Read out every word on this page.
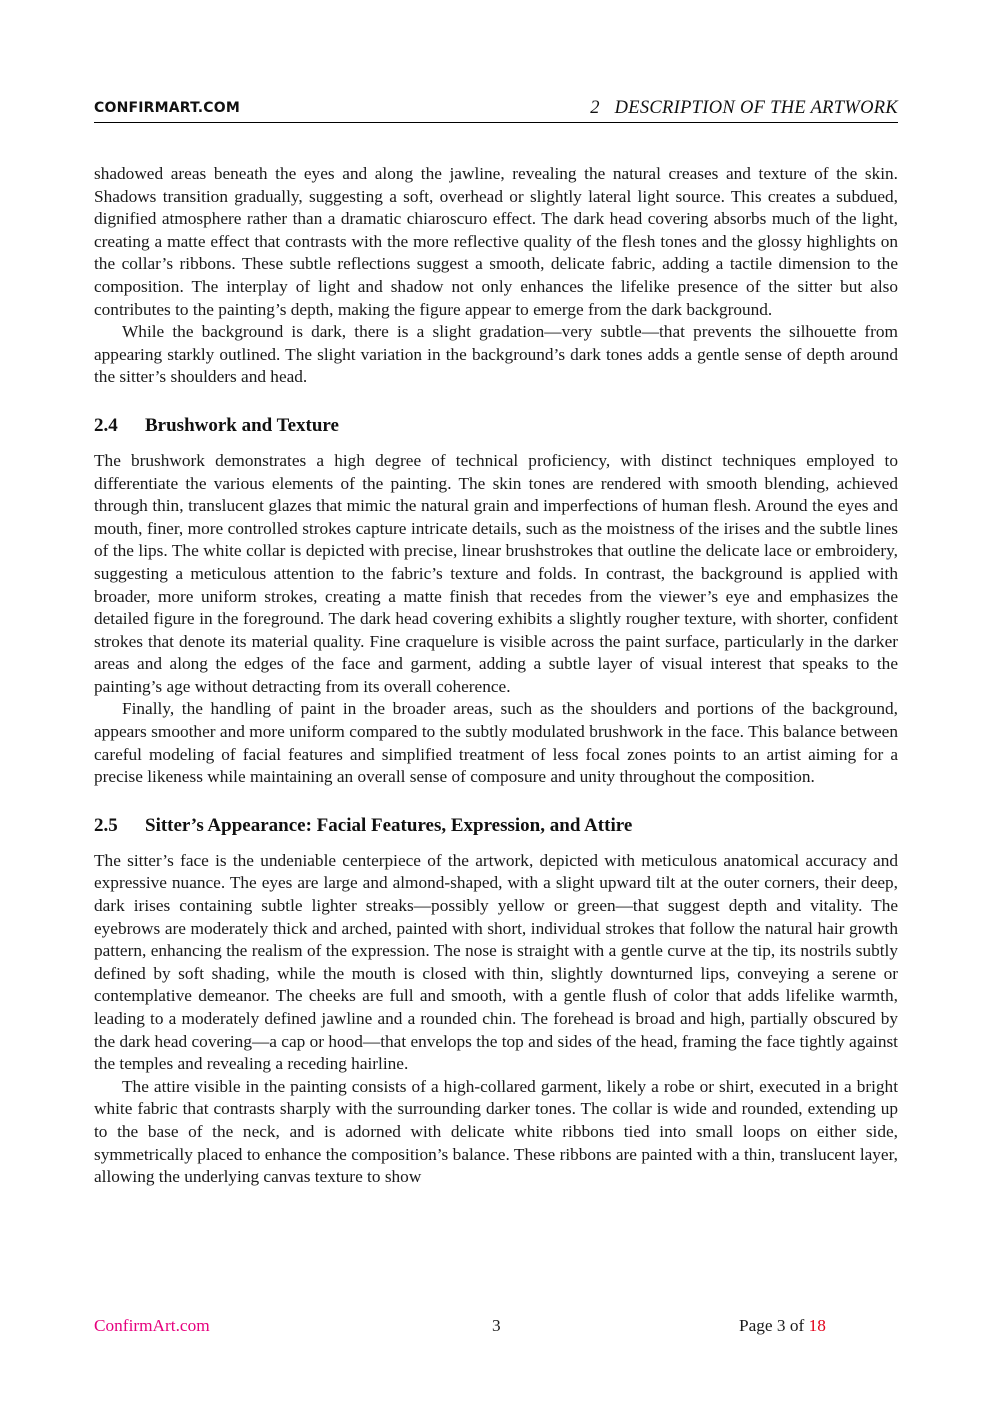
CONFIRMART.COM	2   DESCRIPTION OF THE ARTWORK

shadowed areas beneath the eyes and along the jawline, revealing the natural creases and texture of the skin. Shadows transition gradually, suggesting a soft, overhead or slightly lateral light source. This creates a subdued, dignified atmosphere rather than a dramatic chiaroscuro effect. The dark head covering absorbs much of the light, creating a matte effect that contrasts with the more reflective quality of the flesh tones and the glossy highlights on the collar’s ribbons. These subtle reflections suggest a smooth, delicate fabric, adding a tactile dimension to the composition. The interplay of light and shadow not only enhances the lifelike presence of the sitter but also contributes to the painting’s depth, making the figure appear to emerge from the dark background.

While the background is dark, there is a slight gradation—very subtle—that prevents the silhouette from appearing starkly outlined. The slight variation in the background’s dark tones adds a gentle sense of depth around the sitter’s shoulders and head.

2.4 Brushwork and Texture

The brushwork demonstrates a high degree of technical proficiency, with distinct techniques employed to differentiate the various elements of the painting. The skin tones are rendered with smooth blending, achieved through thin, translucent glazes that mimic the natural grain and imperfections of human flesh. Around the eyes and mouth, finer, more controlled strokes capture intricate details, such as the moistness of the irises and the subtle lines of the lips. The white collar is depicted with precise, linear brushstrokes that outline the delicate lace or embroidery, suggesting a meticulous attention to the fabric’s texture and folds. In contrast, the background is applied with broader, more uniform strokes, creating a matte finish that recedes from the viewer’s eye and emphasizes the detailed figure in the foreground. The dark head covering exhibits a slightly rougher texture, with shorter, confident strokes that denote its material quality. Fine craquelure is visible across the paint surface, particularly in the darker areas and along the edges of the face and garment, adding a subtle layer of visual interest that speaks to the painting’s age without detracting from its overall coherence.

Finally, the handling of paint in the broader areas, such as the shoulders and portions of the background, appears smoother and more uniform compared to the subtly modulated brushwork in the face. This balance between careful modeling of facial features and simplified treatment of less focal zones points to an artist aiming for a precise likeness while maintaining an overall sense of composure and unity throughout the composition.

2.5 Sitter’s Appearance: Facial Features, Expression, and Attire

The sitter’s face is the undeniable centerpiece of the artwork, depicted with meticulous anatomical accuracy and expressive nuance. The eyes are large and almond-shaped, with a slight upward tilt at the outer corners, their deep, dark irises containing subtle lighter streaks—possibly yellow or green—that suggest depth and vitality. The eyebrows are moderately thick and arched, painted with short, individual strokes that follow the natural hair growth pattern, enhancing the realism of the expression. The nose is straight with a gentle curve at the tip, its nostrils subtly defined by soft shading, while the mouth is closed with thin, slightly downturned lips, conveying a serene or contemplative demeanor. The cheeks are full and smooth, with a gentle flush of color that adds lifelike warmth, leading to a moderately defined jawline and a rounded chin. The forehead is broad and high, partially obscured by the dark head covering—a cap or hood—that envelops the top and sides of the head, framing the face tightly against the temples and revealing a receding hairline.

The attire visible in the painting consists of a high-collared garment, likely a robe or shirt, executed in a bright white fabric that contrasts sharply with the surrounding darker tones. The collar is wide and rounded, extending up to the base of the neck, and is adorned with delicate white ribbons tied into small loops on either side, symmetrically placed to enhance the composition’s balance. These ribbons are painted with a thin, translucent layer, allowing the underlying canvas texture to show

ConfirmArt.com	3	Page 3 of 18
